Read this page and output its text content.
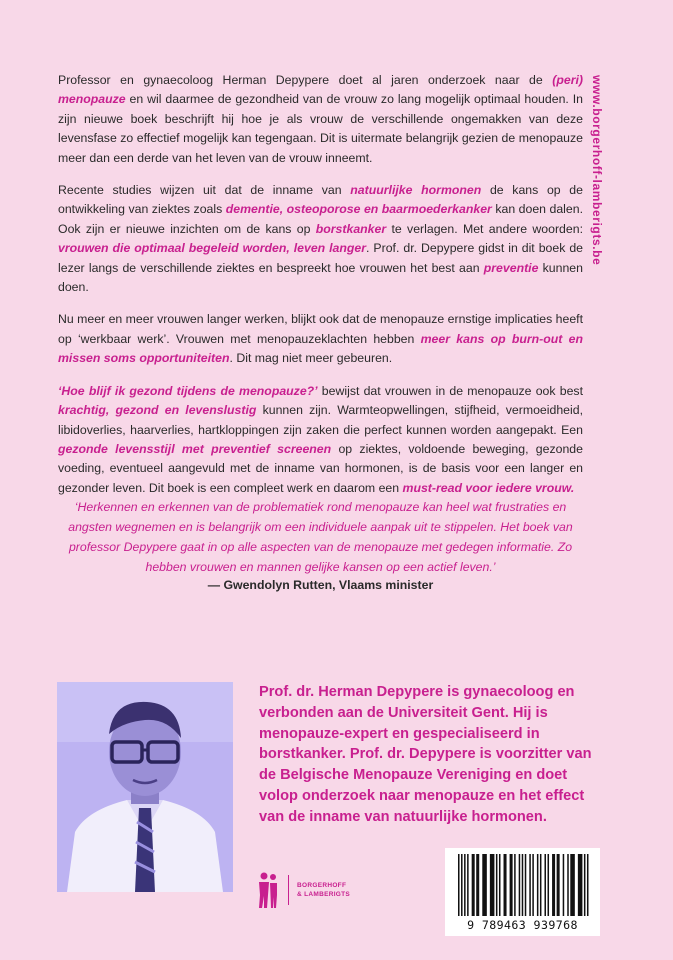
www.borgerhoff-lamberigts.be

Professor en gynaecoloog Herman Depypere doet al jaren onderzoek naar de (peri) menopauze en wil daarmee de gezondheid van de vrouw zo lang mogelijk optimaal houden. In zijn nieuwe boek beschrijft hij hoe je als vrouw de verschillende ongemakken van deze levensfase zo effectief mogelijk kan tegengaan. Dit is uitermate belangrijk gezien de menopauze meer dan een derde van het leven van de vrouw inneemt.

Recente studies wijzen uit dat de inname van natuurlijke hormonen de kans op de ontwikkeling van ziektes zoals dementie, osteoporose en baarmoederkanker kan doen dalen. Ook zijn er nieuwe inzichten om de kans op borstkanker te verlagen. Met andere woorden: vrouwen die optimaal begeleid worden, leven langer. Prof. dr. Depypere gidst in dit boek de lezer langs de verschillende ziektes en bespreekt hoe vrouwen het best aan preventie kunnen doen.

Nu meer en meer vrouwen langer werken, blijkt ook dat de menopauze ernstige implicaties heeft op ‘werkbaar werk’. Vrouwen met menopauzeklachten hebben meer kans op burn-out en missen soms opportuniteiten. Dit mag niet meer gebeuren.

‘Hoe blijf ik gezond tijdens de menopauze?’ bewijst dat vrouwen in de menopauze ook best krachtig, gezond en levenslustig kunnen zijn. Warmteopwellingen, stijfheid, vermoeidheid, libidoverlies, haarverlies, hartkloppingen zijn zaken die perfect kunnen worden aangepakt. Een gezonde levensstijl met preventief screenen op ziektes, voldoende beweging, gezonde voeding, eventueel aangevuld met de inname van hormonen, is de basis voor een langer en gezonder leven. Dit boek is een compleet werk en daarom een must-read voor iedere vrouw.

‘Herkennen en erkennen van de problematiek rond menopauze kan heel wat frustraties en angsten wegnemen en is belangrijk om een individuele aanpak uit te stippelen. Het boek van professor Depypere gaat in op alle aspecten van de menopauze met gedegen informatie. Zo hebben vrouwen en mannen gelijke kansen op een actief leven.’
— Gwendolyn Rutten, Vlaams minister
Prof. dr. Herman Depypere is gynaecoloog en verbonden aan de Universiteit Gent. Hij is menopauze-expert en gespecialiseerd in borstkanker. Prof. dr. Depypere is voorzitter van de Belgische Menopauze Vereniging en doet volop onderzoek naar menopauze en het effect van de inname van natuurlijke hormonen.
BORGERHOFF
& LAMBERIGTS
9 789463 939768
